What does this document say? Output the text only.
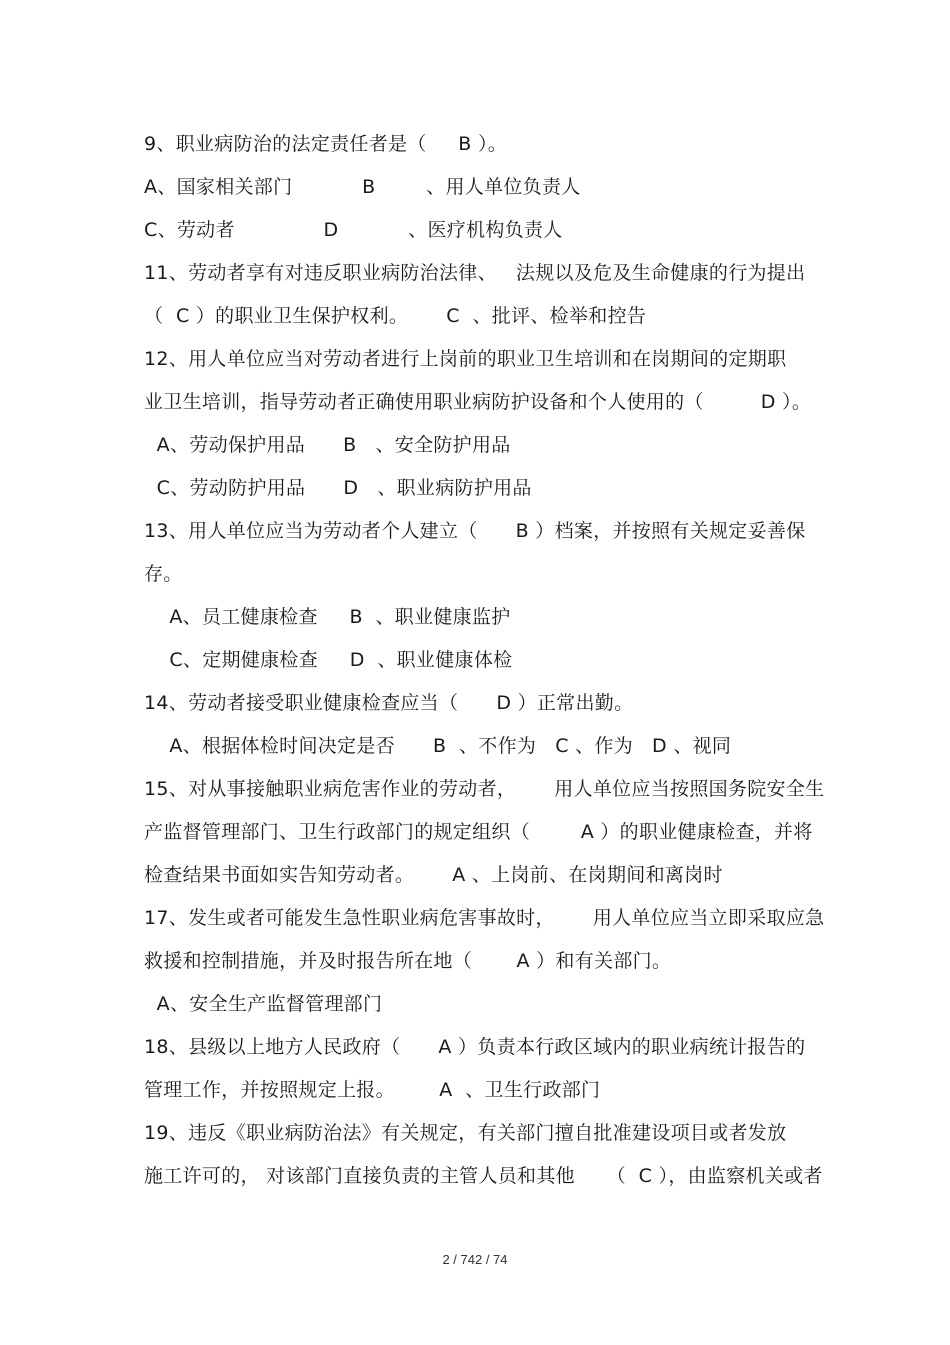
9、职业病防治的法定责任者是（     B ）。
A、国家相关部门           B        、用人单位负责人
C、劳动者              D           、医疗机构负责人
11、劳动者享有对违反职业病防治法律、   法规以及危及生命健康的行为提出
（  C ）的职业卫生保护权利。      C  、批评、检举和控告
12、用人单位应当对劳动者进行上岗前的职业卫生培训和在岗期间的定期职
业卫生培训，指导劳动者正确使用职业病防护设备和个人使用的（         D ）。
A、劳动保护用品      B   、安全防护用品
C、劳动防护用品      D   、职业病防护用品
13、用人单位应当为劳动者个人建立（      B ）档案，并按照有关规定妥善保
存。
A、员工健康检查     B  、职业健康监护
C、定期健康检查     D  、职业健康体检
14、劳动者接受职业健康检查应当（      D ）正常出勤。
A、根据体检时间决定是否      B  、不作为   C 、作为   D 、视同
15、对从事接触职业病危害作业的劳动者，      用人单位应当按照国务院安全生
产监督管理部门、卫生行政部门的规定组织（        A ）的职业健康检查，并将
检查结果书面如实告知劳动者。      A 、上岗前、在岗期间和离岗时
17、发生或者可能发生急性职业病危害事故时，      用人单位应当立即采取应急
救援和控制措施，并及时报告所在地（       A ）和有关部门。
A、安全生产监督管理部门
18、县级以上地方人民政府（      A ）负责本行政区域内的职业病统计报告的
管理工作，并按照规定上报。       A  、卫生行政部门
19、违反《职业病防治法》有关规定，有关部门擅自批准建设项目或者发放
施工许可的， 对该部门直接负责的主管人员和其他     （  C ），由监察机关或者
2 / 742 / 74
